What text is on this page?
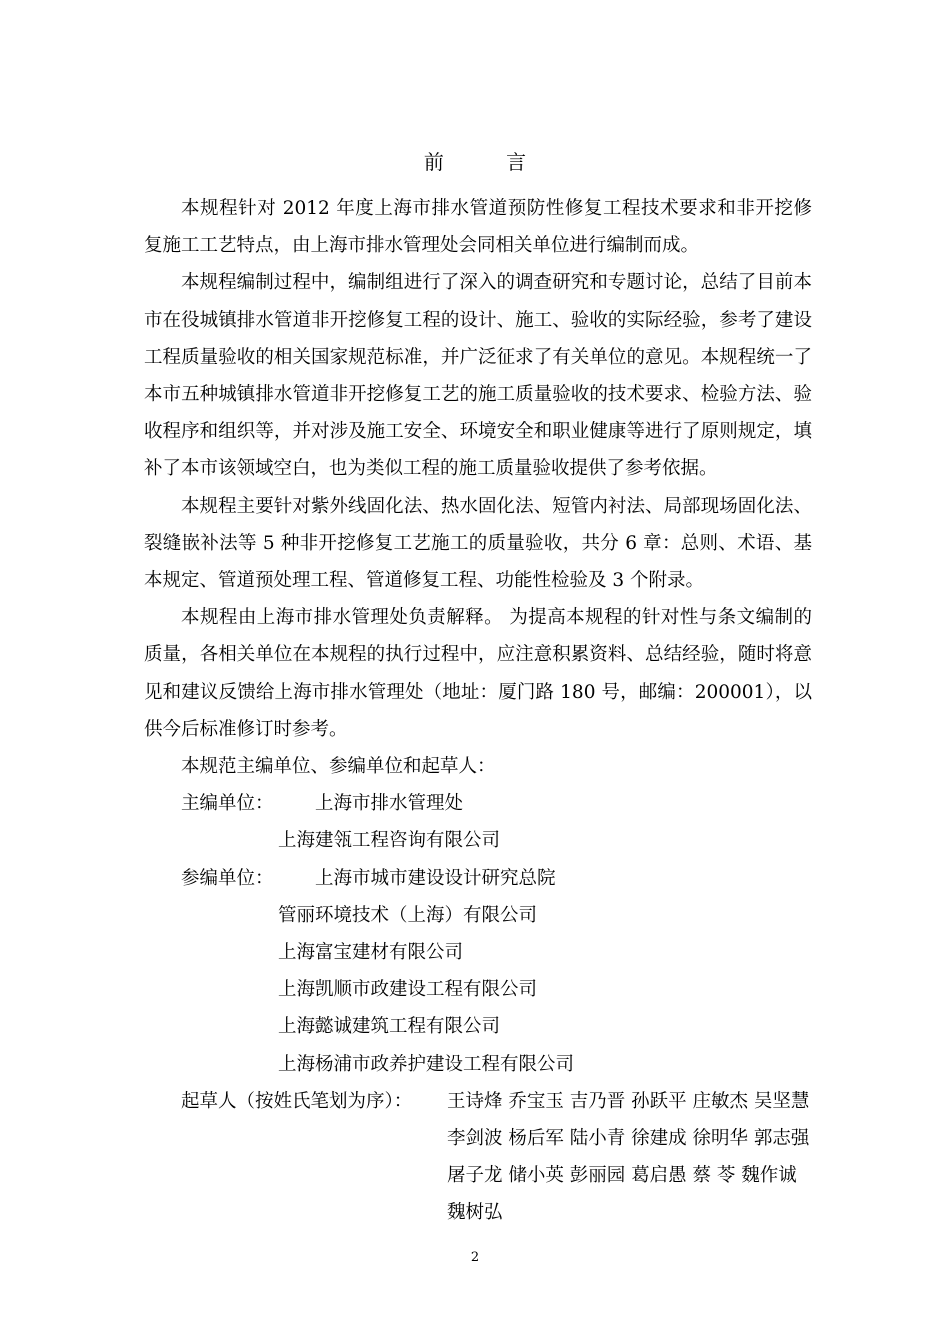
前 言

本规程针对 2012 年度上海市排水管道预防性修复工程技术要求和非开挖修复施工工艺特点，由上海市排水管理处会同相关单位进行编制而成。

本规程编制过程中，编制组进行了深入的调查研究和专题讨论，总结了目前本市在役城镇排水管道非开挖修复工程的设计、施工、验收的实际经验，参考了建设工程质量验收的相关国家规范标准，并广泛征求了有关单位的意见。本规程统一了本市五种城镇排水管道非开挖修复工艺的施工质量验收的技术要求、检验方法、验收程序和组织等，并对涉及施工安全、环境安全和职业健康等进行了原则规定，填补了本市该领域空白，也为类似工程的施工质量验收提供了参考依据。

本规程主要针对紫外线固化法、热水固化法、短管内衬法、局部现场固化法、裂缝嵌补法等 5 种非开挖修复工艺施工的质量验收，共分 6 章：总则、术语、基本规定、管道预处理工程、管道修复工程、功能性检验及 3 个附录。

本规程由上海市排水管理处负责解释。 为提高本规程的针对性与条文编制的质量，各相关单位在本规程的执行过程中，应注意积累资料、总结经验，随时将意见和建议反馈给上海市排水管理处（地址：厦门路 180 号，邮编：200001），以供今后标准修订时参考。

本规范主编单位、参编单位和起草人：

主编单位：	上海市排水管理处

上海建瓴工程咨询有限公司

参编单位：	上海市城市建设设计研究总院

管丽环境技术（上海）有限公司

上海富宝建材有限公司

上海凯顺市政建设工程有限公司

上海懿诚建筑工程有限公司

上海杨浦市政养护建设工程有限公司

起草人（按姓氏笔划为序）：	王诗烽 乔宝玉 吉乃晋 孙跃平 庄敏杰 吴坚慧
李剑波 杨后军 陆小青 徐建成 徐明华 郭志强
屠子龙 储小英 彭丽园 葛启愚 蔡 苓 魏作诚
魏树弘
2
